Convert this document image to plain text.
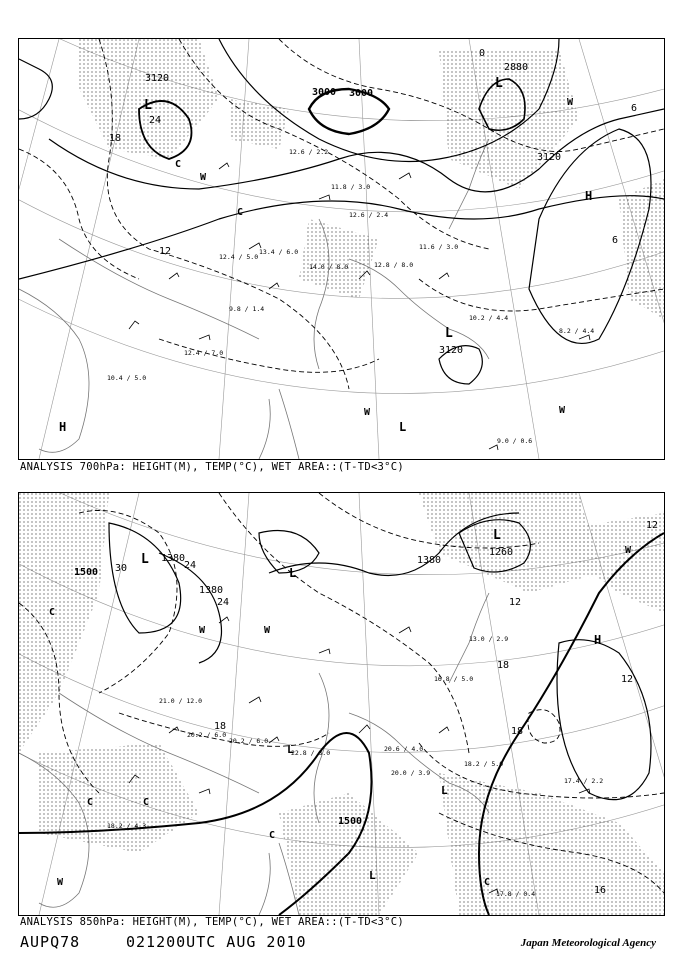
3120
3000 3000
2880
3120
3120
24
18
12
6
6
0
H	L
L
L
H
L
W	W
W
W
C
C
12.6 / 2.2
11.8 / 3.0
12.4 / 5.0
13.4 / 6.0
14.0 / 8.0	12.8 / 8.0
12.6 / 2.4
11.6 / 3.0
10.2 / 4.4
8.2 / 4.4
9.0 / 0.6
10.4 / 5.0
12.4 / 7.0
9.8 / 1.4
ANALYSIS 700hPa: HEIGHT(M), TEMP(°C), WET AREA::(T-TD<3°C)
1500
1500
1380
1380
1380
1260
30	24
24
18
18
18
12
12
12
16
L
L
L
H
L
L
L
W	W
W
W
C
C	C
C
C
21.0 / 12.0
20.2 / 6.0
22.8 / 8.0	20.6 / 4.0
20.0 / 3.9
18.2 / 5.0
17.4 / 2.2
17.8 / 0.4
16.8 / 5.0
13.0 / 2.9
18.2 / 4.3
20.2 / 6.0
ANALYSIS 850hPa: HEIGHT(M), TEMP(°C), WET AREA::(T-TD<3°C)
AUPQ78	021200UTC AUG 2010	Japan Meteorological Agency
